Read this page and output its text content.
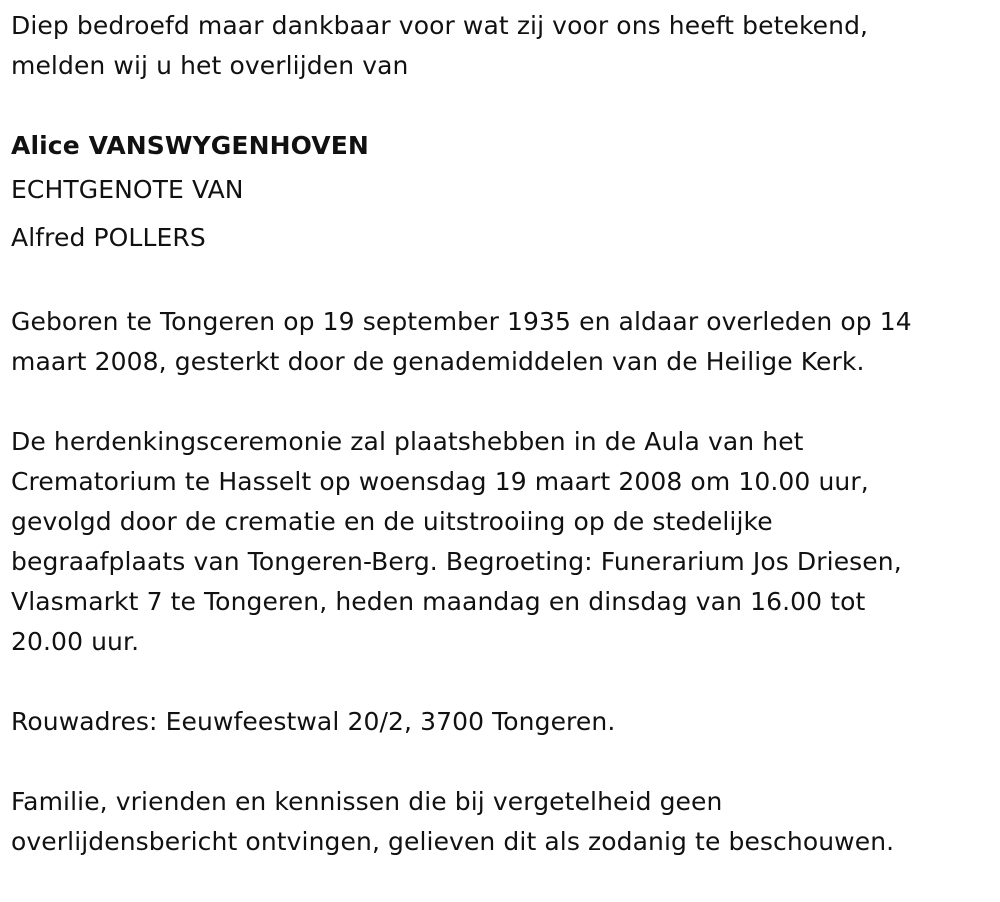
Diep bedroefd maar dankbaar voor wat zij voor ons heeft betekend,
melden wij u het overlijden van
Alice VANSWYGENHOVEN
ECHTGENOTE VAN
Alfred POLLERS
Geboren te Tongeren op 19 september 1935 en aldaar overleden op 14
maart 2008, gesterkt door de genademiddelen van de Heilige Kerk.
De herdenkingsceremonie zal plaatshebben in de Aula van het
Crematorium te Hasselt op woensdag 19 maart 2008 om 10.00 uur,
gevolgd door de crematie en de uitstrooiing op de stedelijke
begraafplaats van Tongeren-Berg. Begroeting: Funerarium Jos Driesen,
Vlasmarkt 7 te Tongeren, heden maandag en dinsdag van 16.00 tot
20.00 uur.
Rouwadres: Eeuwfeestwal 20/2, 3700 Tongeren.
Familie, vrienden en kennissen die bij vergetelheid geen
overlijdensbericht ontvingen, gelieven dit als zodanig te beschouwen.
